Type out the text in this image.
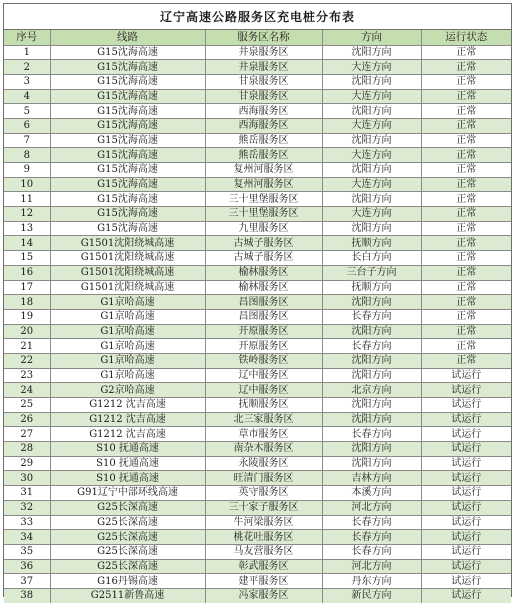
辽宁高速公路服务区充电桩分布表
序号	线路	服务区名称	方向	运行状态
1	G15沈海高速	井泉服务区	沈阳方向	正常
2	G15沈海高速	井泉服务区	大连方向	正常
3	G15沈海高速	甘泉服务区	沈阳方向	正常
4	G15沈海高速	甘泉服务区	大连方向	正常
5	G15沈海高速	西海服务区	沈阳方向	正常
6	G15沈海高速	西海服务区	大连方向	正常
7	G15沈海高速	熊岳服务区	沈阳方向	正常
8	G15沈海高速	熊岳服务区	大连方向	正常
9	G15沈海高速	复州河服务区	沈阳方向	正常
10	G15沈海高速	复州河服务区	大连方向	正常
11	G15沈海高速	三十里堡服务区	沈阳方向	正常
12	G15沈海高速	三十里堡服务区	大连方向	正常
13	G15沈海高速	九里服务区	沈阳方向	正常
14	G1501沈阳绕城高速	古城子服务区	抚顺方向	正常
15	G1501沈阳绕城高速	古城子服务区	长白方向	正常
16	G1501沈阳绕城高速	榆林服务区	三台子方向	正常
17	G1501沈阳绕城高速	榆林服务区	抚顺方向	正常
18	G1京哈高速	昌图服务区	沈阳方向	正常
19	G1京哈高速	昌图服务区	长春方向	正常
20	G1京哈高速	开原服务区	沈阳方向	正常
21	G1京哈高速	开原服务区	长春方向	正常
22	G1京哈高速	铁岭服务区	沈阳方向	正常
23	G1京哈高速	辽中服务区	沈阳方向	试运行
24	G2京哈高速	辽中服务区	北京方向	试运行
25	G1212 沈吉高速	抚顺服务区	沈阳方向	试运行
26	G1212 沈吉高速	北三家服务区	沈阳方向	试运行
27	G1212 沈吉高速	草市服务区	长春方向	试运行
28	S10 抚通高速	南杂木服务区	沈阳方向	试运行
29	S10 抚通高速	永陵服务区	沈阳方向	试运行
30	S10 抚通高速	旺清门服务区	吉林方向	试运行
31	G91辽宁中部环线高速	英守服务区	本溪方向	试运行
32	G25长深高速	三十家子服务区	河北方向	试运行
33	G25长深高速	牛河梁服务区	长春方向	试运行
34	G25长深高速	桃花吐服务区	长春方向	试运行
35	G25长深高速	马友营服务区	长春方向	试运行
36	G25长深高速	彰武服务区	河北方向	试运行
37	G16丹锡高速	建平服务区	丹东方向	试运行
38	G2511新鲁高速	冯家服务区	新民方向	试运行
